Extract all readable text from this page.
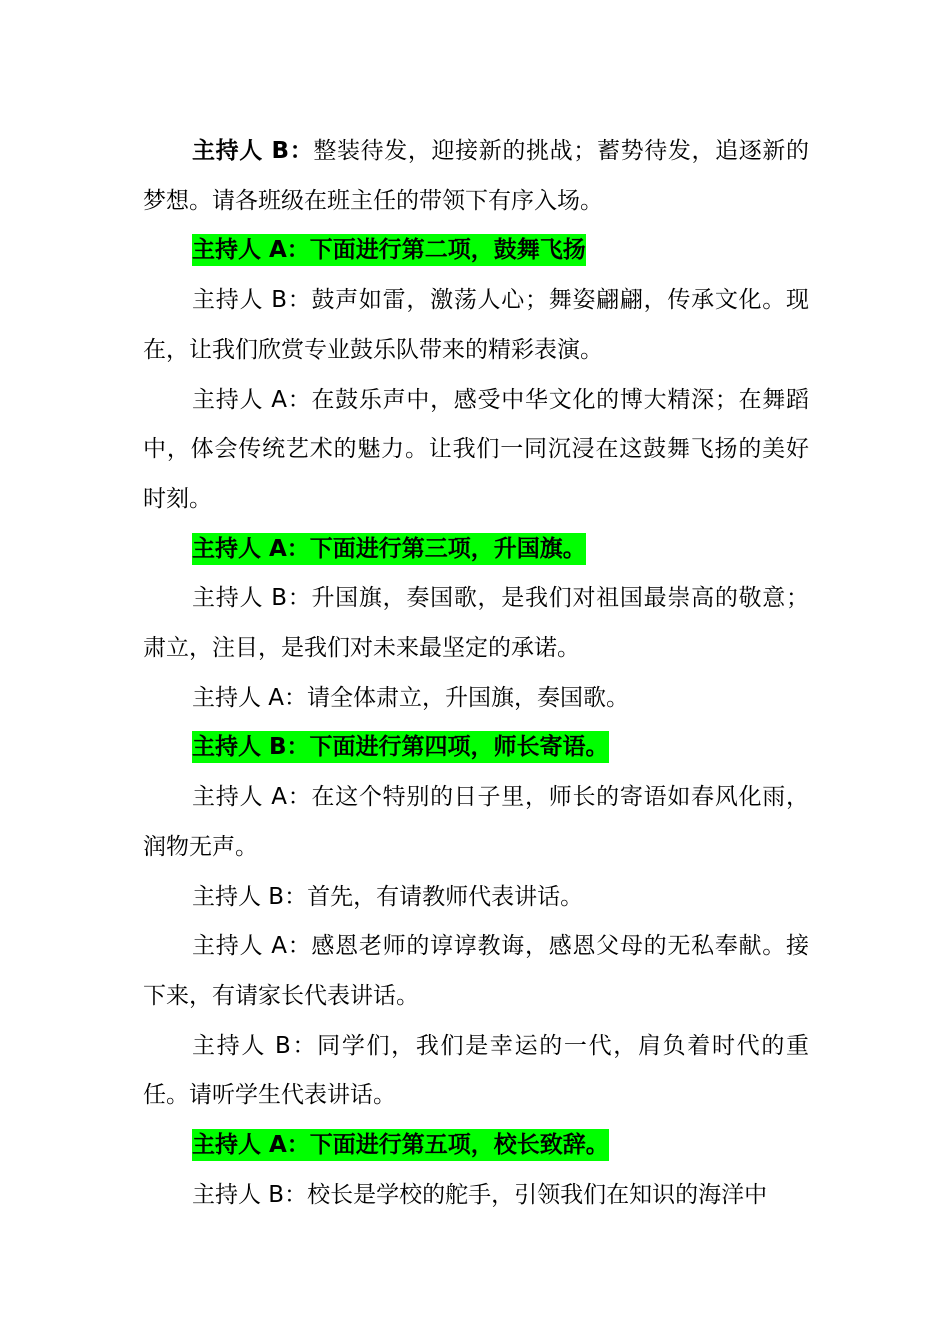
主持人 B：整装待发，迎接新的挑战；蓄势待发，追逐新的梦想。请各班级在班主任的带领下有序入场。

主持人 A：下面进行第二项，鼓舞飞扬

主持人 B：鼓声如雷，激荡人心；舞姿翩翩，传承文化。现在，让我们欣赏专业鼓乐队带来的精彩表演。

主持人 A：在鼓乐声中，感受中华文化的博大精深；在舞蹈中，体会传统艺术的魅力。让我们一同沉浸在这鼓舞飞扬的美好时刻。

主持人 A：下面进行第三项，升国旗。

主持人 B：升国旗，奏国歌，是我们对祖国最崇高的敬意；肃立，注目，是我们对未来最坚定的承诺。

主持人 A：请全体肃立，升国旗，奏国歌。

主持人 B：下面进行第四项，师长寄语。

主持人 A：在这个特别的日子里，师长的寄语如春风化雨，润物无声。

主持人 B：首先，有请教师代表讲话。

主持人 A：感恩老师的谆谆教诲，感恩父母的无私奉献。接下来，有请家长代表讲话。

主持人 B：同学们，我们是幸运的一代，肩负着时代的重任。请听学生代表讲话。

主持人 A：下面进行第五项，校长致辞。

主持人 B：校长是学校的舵手，引领我们在知识的海洋中
